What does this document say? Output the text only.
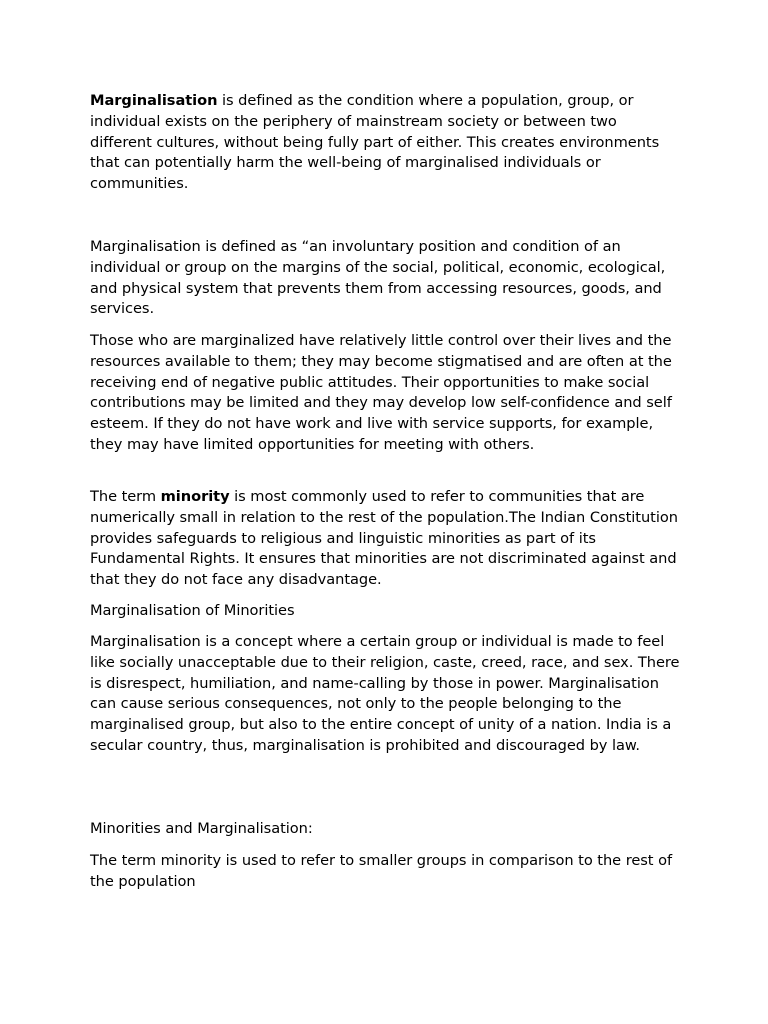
Marginalisation is defined as the condition where a population, group, or individual exists on the periphery of mainstream society or between two different cultures, without being fully part of either. This creates environments that can potentially harm the well-being of marginalised individuals or communities.

Marginalisation is defined as “an involuntary position and condition of an individual or group on the margins of the social, political, economic, ecological, and physical system that prevents them from accessing resources, goods, and services.

Those who are marginalized have relatively little control over their lives and the resources available to them; they may become stigmatised and are often at the receiving end of negative public attitudes. Their opportunities to make social contributions may be limited and they may develop low self-confidence and self esteem. If they do not have work and live with service supports, for example, they may have limited opportunities for meeting with others.

The term minority is most commonly used to refer to communities that are numerically small in relation to the rest of the population.The Indian Constitution provides safeguards to religious and linguistic minorities as part of its Fundamental Rights. It ensures that minorities are not discriminated against and that they do not face any disadvantage.

Marginalisation of Minorities

Marginalisation is a concept where a certain group or individual is made to feel like socially unacceptable due to their religion, caste, creed, race, and sex. There is disrespect, humiliation, and name-calling by those in power. Marginalisation can cause serious consequences, not only to the people belonging to the marginalised group, but also to the entire concept of unity of a nation. India is a secular country, thus, marginalisation is prohibited and discouraged by law.

Minorities and Marginalisation:

The term minority is used to refer to smaller groups in comparison to the rest of the population
